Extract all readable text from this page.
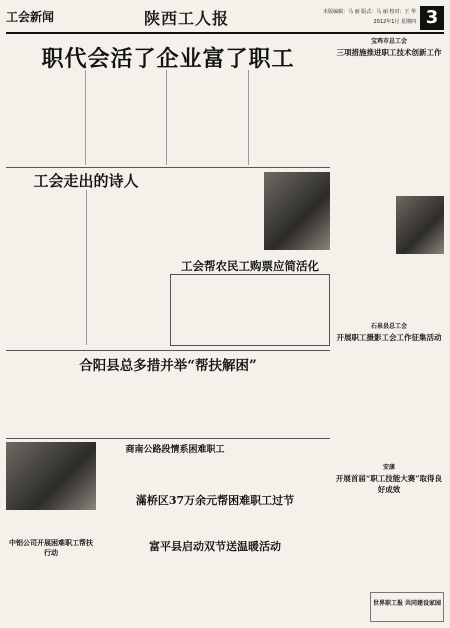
工会新闻	陕西工人报	本版编辑：马 丽 版式：马 丽 校对：王 华
2012年1月 星期四 3
职代会活了企业富了职工
工会走出的诗人
工会帮农民工购票应简活化
合阳县总多措并举“帮扶解困”
商南公路段情系困难职工
滿桥区37万余元帮困难职工过节
中铝公司开展困难职工帮扶行动	富平县启动双节送温暖活动
宝鸡市总工会
三项措施推进职工技术创新工作
石泉县总工会
开展职工摄影工会工作征集活动
安康
开展首届“职工技能大赛”取得良好成效
世界职工报 共同建设家园
